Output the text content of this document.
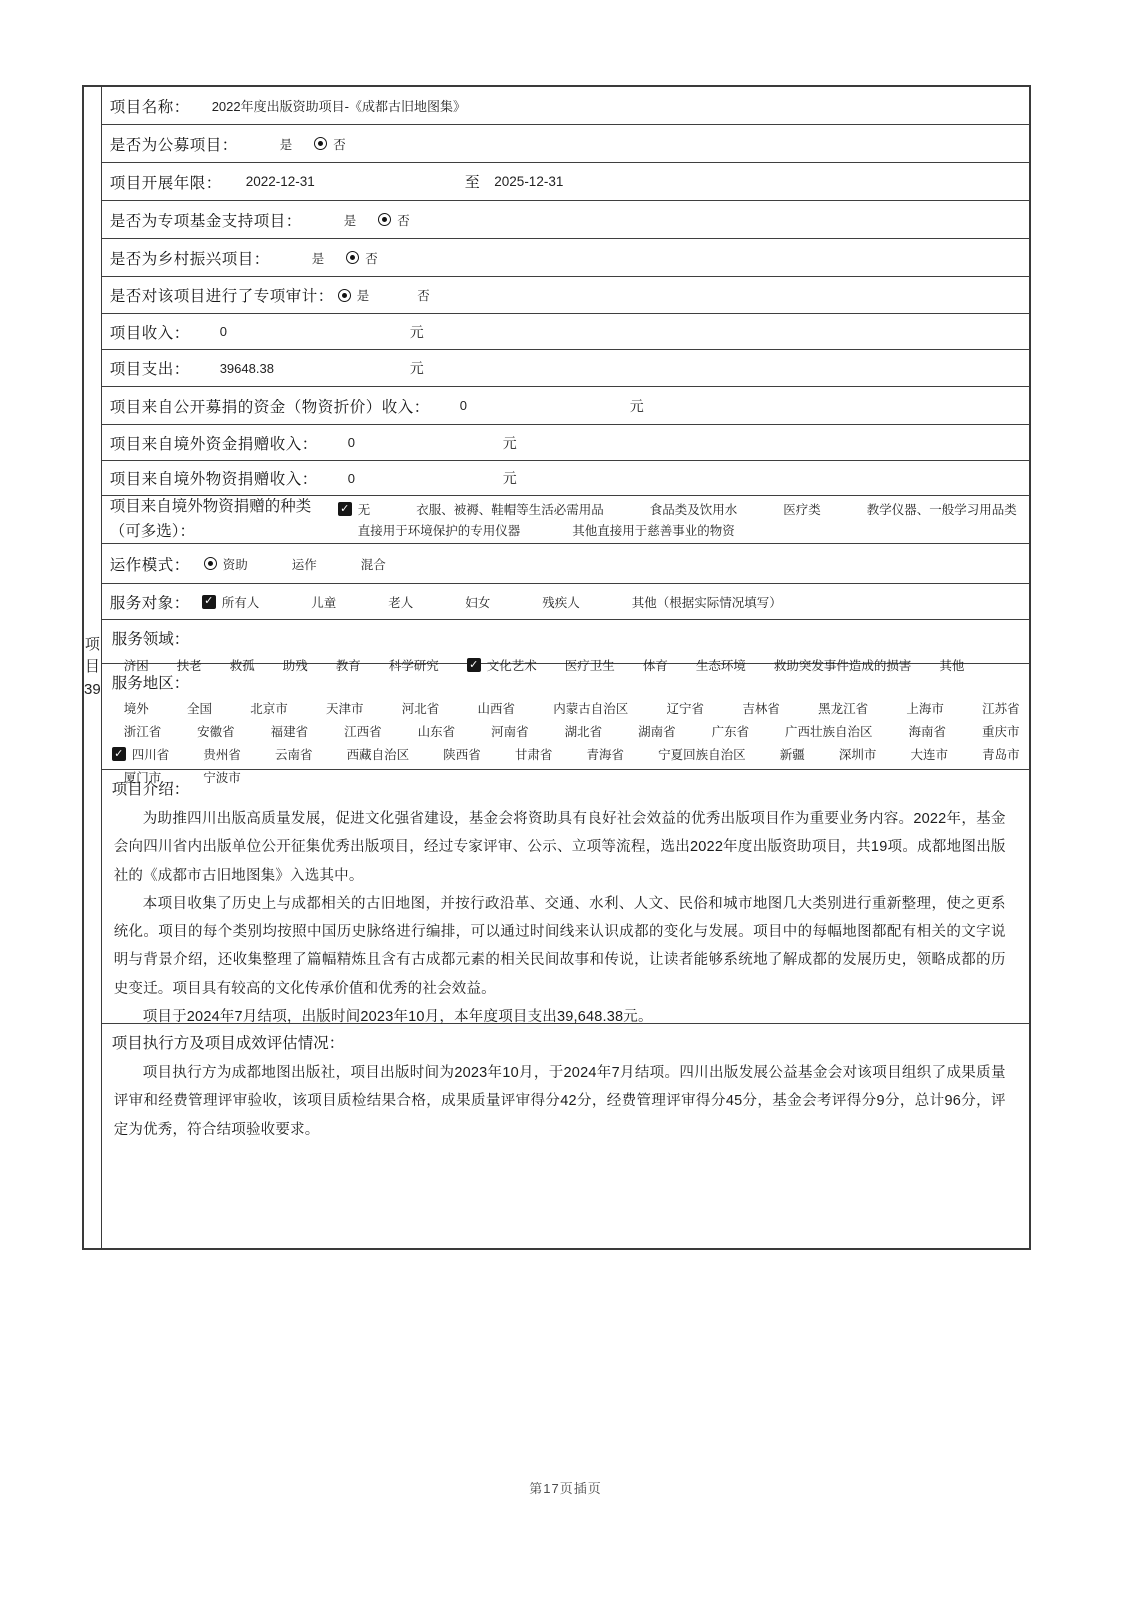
项
目
39
项目名称： 2022年度出版资助项目-《成都古旧地图集》
是否为公募项目：	是	否
项目开展年限： 2022-12-31	至 2025-12-31
是否为专项基金支持项目：	是	否
是否为乡村振兴项目：	是	否
是否对该项目进行了专项审计： 是	否
项目收入： 0	元
项目支出： 39648.38	元
项目来自公开募捐的资金（物资折价）收入： 0	元
项目来自境外资金捐赠收入： 0	元
项目来自境外物资捐赠收入： 0	元
项目来自境外物资捐赠的种类
（可多选）：
✓
无	衣服、被褥、鞋帽等生活必需用品	食品类及饮用水	医疗类	教学仪器、一般学习用品类
直接用于环境保护的专用仪器	其他直接用于慈善事业的物资
运作模式：	资助	运作	混合
服务对象： ✓	所有人	儿童	老人	妇女	残疾人	其他（根据实际情况填写）
服务领域：
济困 扶老 救孤 助残 教育 科学研究 ✓	文化艺术 医疗卫生 体育 生态环境 救助突发事件造成的损害 其他
服务地区：
境外	全国	北京市	天津市	河北省	山西省	内蒙古自治区	辽宁省	吉林省	黑龙江省	上海市	江苏省
浙江省	安徽省	福建省	江西省	山东省	河南省	湖北省	湖南省	广东省	广西壮族自治区	海南省	重庆市
✓
四川省	贵州省	云南省	西藏自治区	陕西省	甘肃省	青海省	宁夏回族自治区	新疆	深圳市	大连市	青岛市
厦门市	宁波市
项目介绍：

为助推四川出版高质量发展，促进文化强省建设，基金会将资助具有良好社会效益的优秀出版项目作为重要业务内容。2022年，基金会向四川省内出版单位公开征集优秀出版项目，经过专家评审、公示、立项等流程，选出2022年度出版资助项目，共19项。成都地图出版社的《成都市古旧地图集》入选其中。

本项目收集了历史上与成都相关的古旧地图，并按行政沿革、交通、水利、人文、民俗和城市地图几大类别进行重新整理，使之更系统化。项目的每个类别均按照中国历史脉络进行编排，可以通过时间线来认识成都的变化与发展。项目中的每幅地图都配有相关的文字说明与背景介绍，还收集整理了篇幅精炼且含有古成都元素的相关民间故事和传说，让读者能够系统地了解成都的发展历史，领略成都的历史变迁。项目具有较高的文化传承价值和优秀的社会效益。

项目于2024年7月结项，出版时间2023年10月，本年度项目支出39,648.38元。

项目执行方及项目成效评估情况：

项目执行方为成都地图出版社，项目出版时间为2023年10月，于2024年7月结项。四川出版发展公益基金会对该项目组织了成果质量评审和经费管理评审验收，该项目质检结果合格，成果质量评审得分42分，经费管理评审得分45分，基金会考评得分9分，总计96分，评定为优秀，符合结项验收要求。

第17页插页
